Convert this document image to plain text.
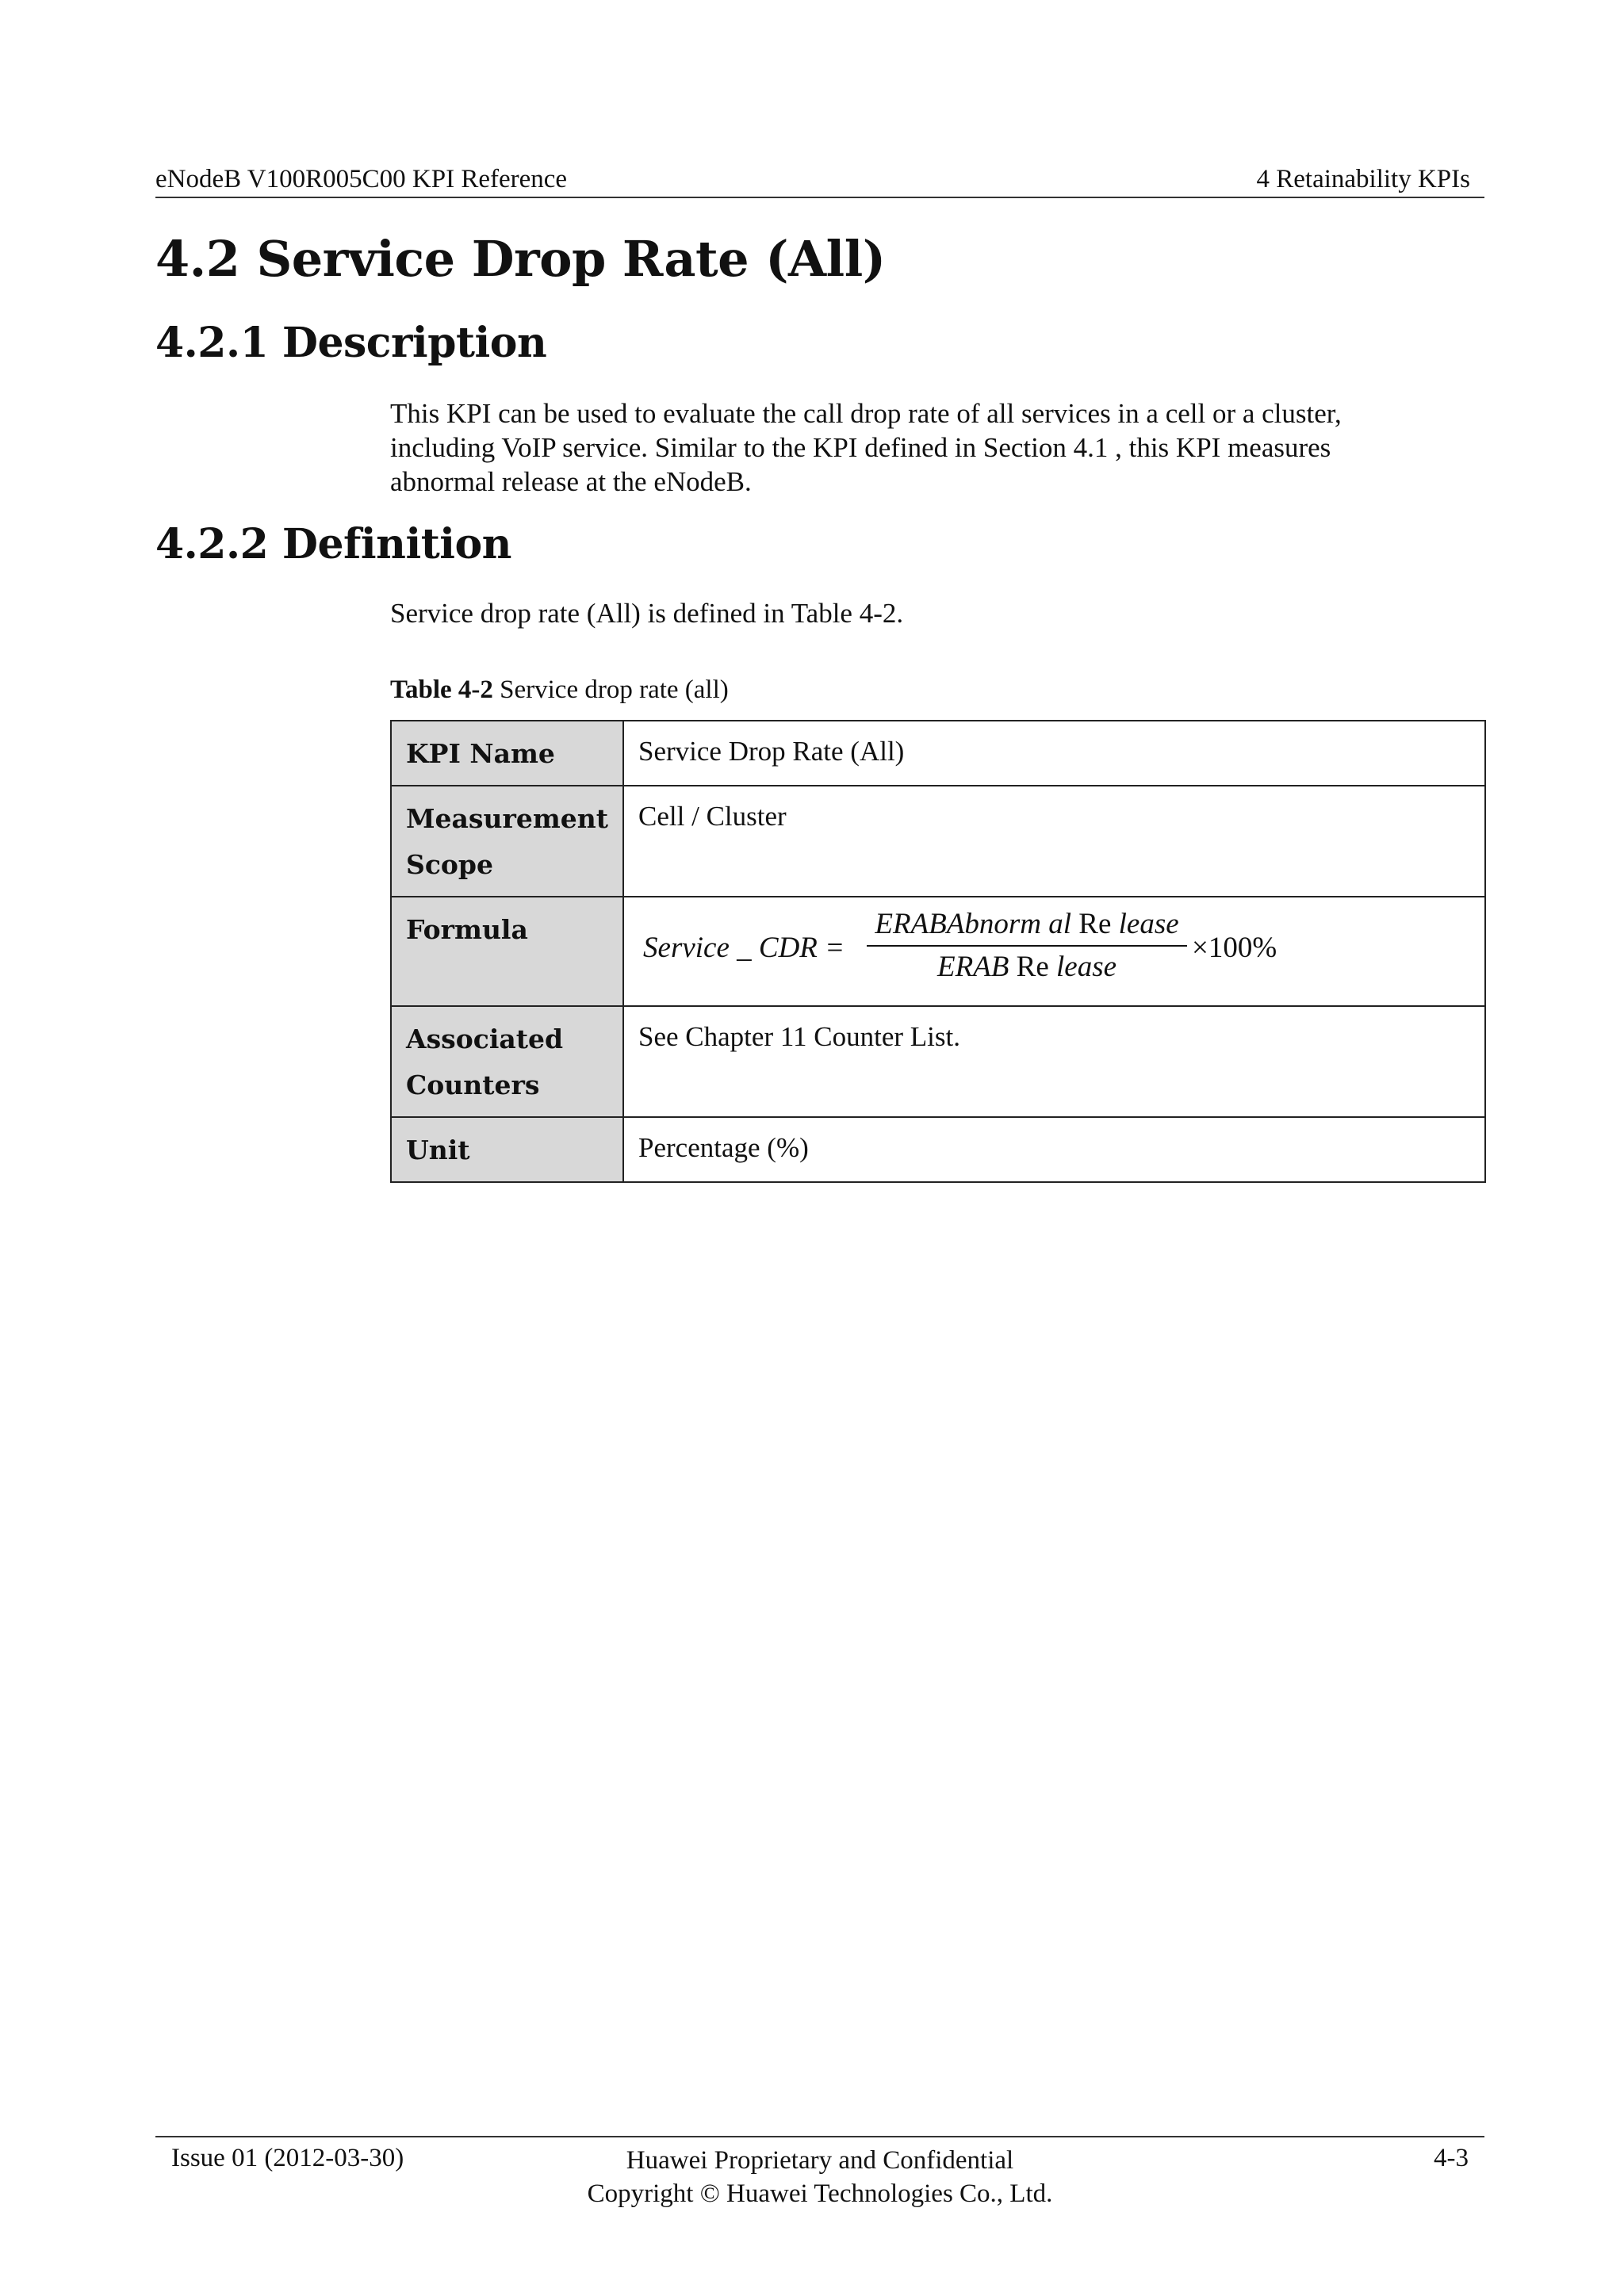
eNodeB V100R005C00 KPI Reference	4 Retainability KPIs
4.2 Service Drop Rate (All)
4.2.1 Description
This KPI can be used to evaluate the call drop rate of all services in a cell or a cluster,
including VoIP service. Similar to the KPI defined in Section 4.1 , this KPI measures
abnormal release at the eNodeB.
4.2.2 Definition
Service drop rate (All) is defined in Table 4-2.
Table 4-2 Service drop rate (all)
KPI Name	Service Drop Rate (All)
Measurement Scope	Cell / Cluster
Formula	Service _ CDR =
ERABAbnorm al Re lease
ERAB Re lease
×100%

Associated Counters	See Chapter 11 Counter List.
Unit	Percentage (%)
Issue 01 (2012-03-30)	Huawei Proprietary and Confidential
Copyright © Huawei Technologies Co., Ltd.
4-3
